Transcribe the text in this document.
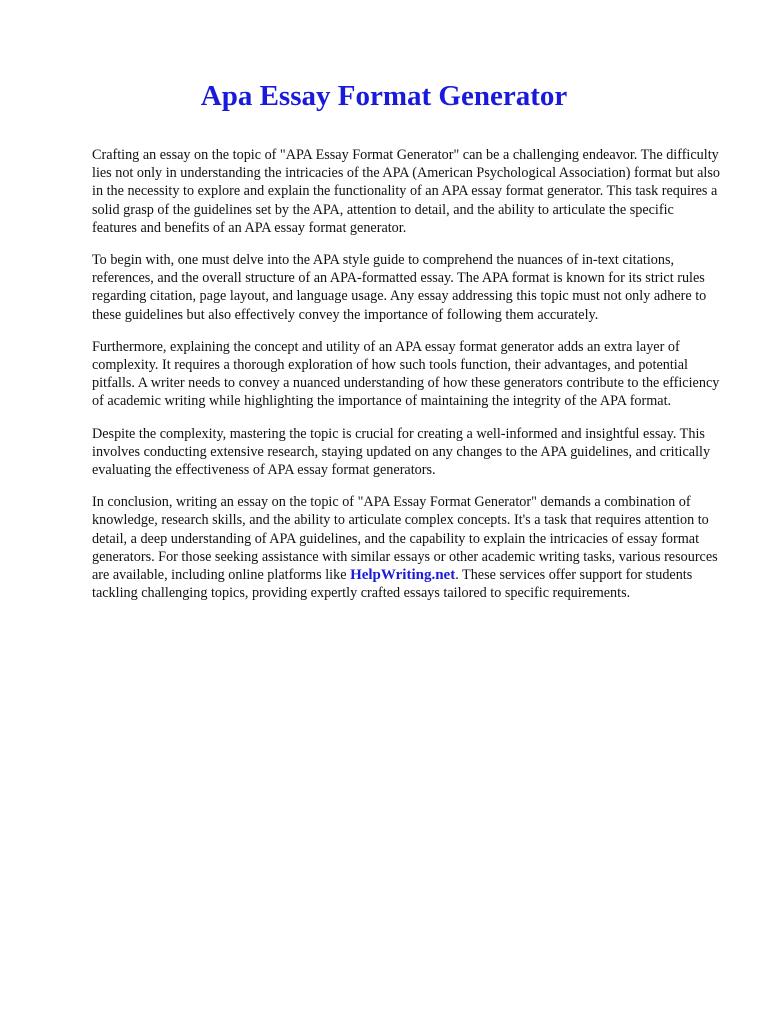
Apa Essay Format Generator

Crafting an essay on the topic of "APA Essay Format Generator" can be a challenging endeavor. The difficulty lies not only in understanding the intricacies of the APA (American Psychological Association) format but also in the necessity to explore and explain the functionality of an APA essay format generator. This task requires a solid grasp of the guidelines set by the APA, attention to detail, and the ability to articulate the specific features and benefits of an APA essay format generator.

To begin with, one must delve into the APA style guide to comprehend the nuances of in-text citations, references, and the overall structure of an APA-formatted essay. The APA format is known for its strict rules regarding citation, page layout, and language usage. Any essay addressing this topic must not only adhere to these guidelines but also effectively convey the importance of following them accurately.

Furthermore, explaining the concept and utility of an APA essay format generator adds an extra layer of complexity. It requires a thorough exploration of how such tools function, their advantages, and potential pitfalls. A writer needs to convey a nuanced understanding of how these generators contribute to the efficiency of academic writing while highlighting the importance of maintaining the integrity of the APA format.

Despite the complexity, mastering the topic is crucial for creating a well-informed and insightful essay. This involves conducting extensive research, staying updated on any changes to the APA guidelines, and critically evaluating the effectiveness of APA essay format generators.

In conclusion, writing an essay on the topic of "APA Essay Format Generator" demands a combination of knowledge, research skills, and the ability to articulate complex concepts. It's a task that requires attention to detail, a deep understanding of APA guidelines, and the capability to explain the intricacies of essay format generators. For those seeking assistance with similar essays or other academic writing tasks, various resources are available, including online platforms like HelpWriting.net. These services offer support for students tackling challenging topics, providing expertly crafted essays tailored to specific requirements.
